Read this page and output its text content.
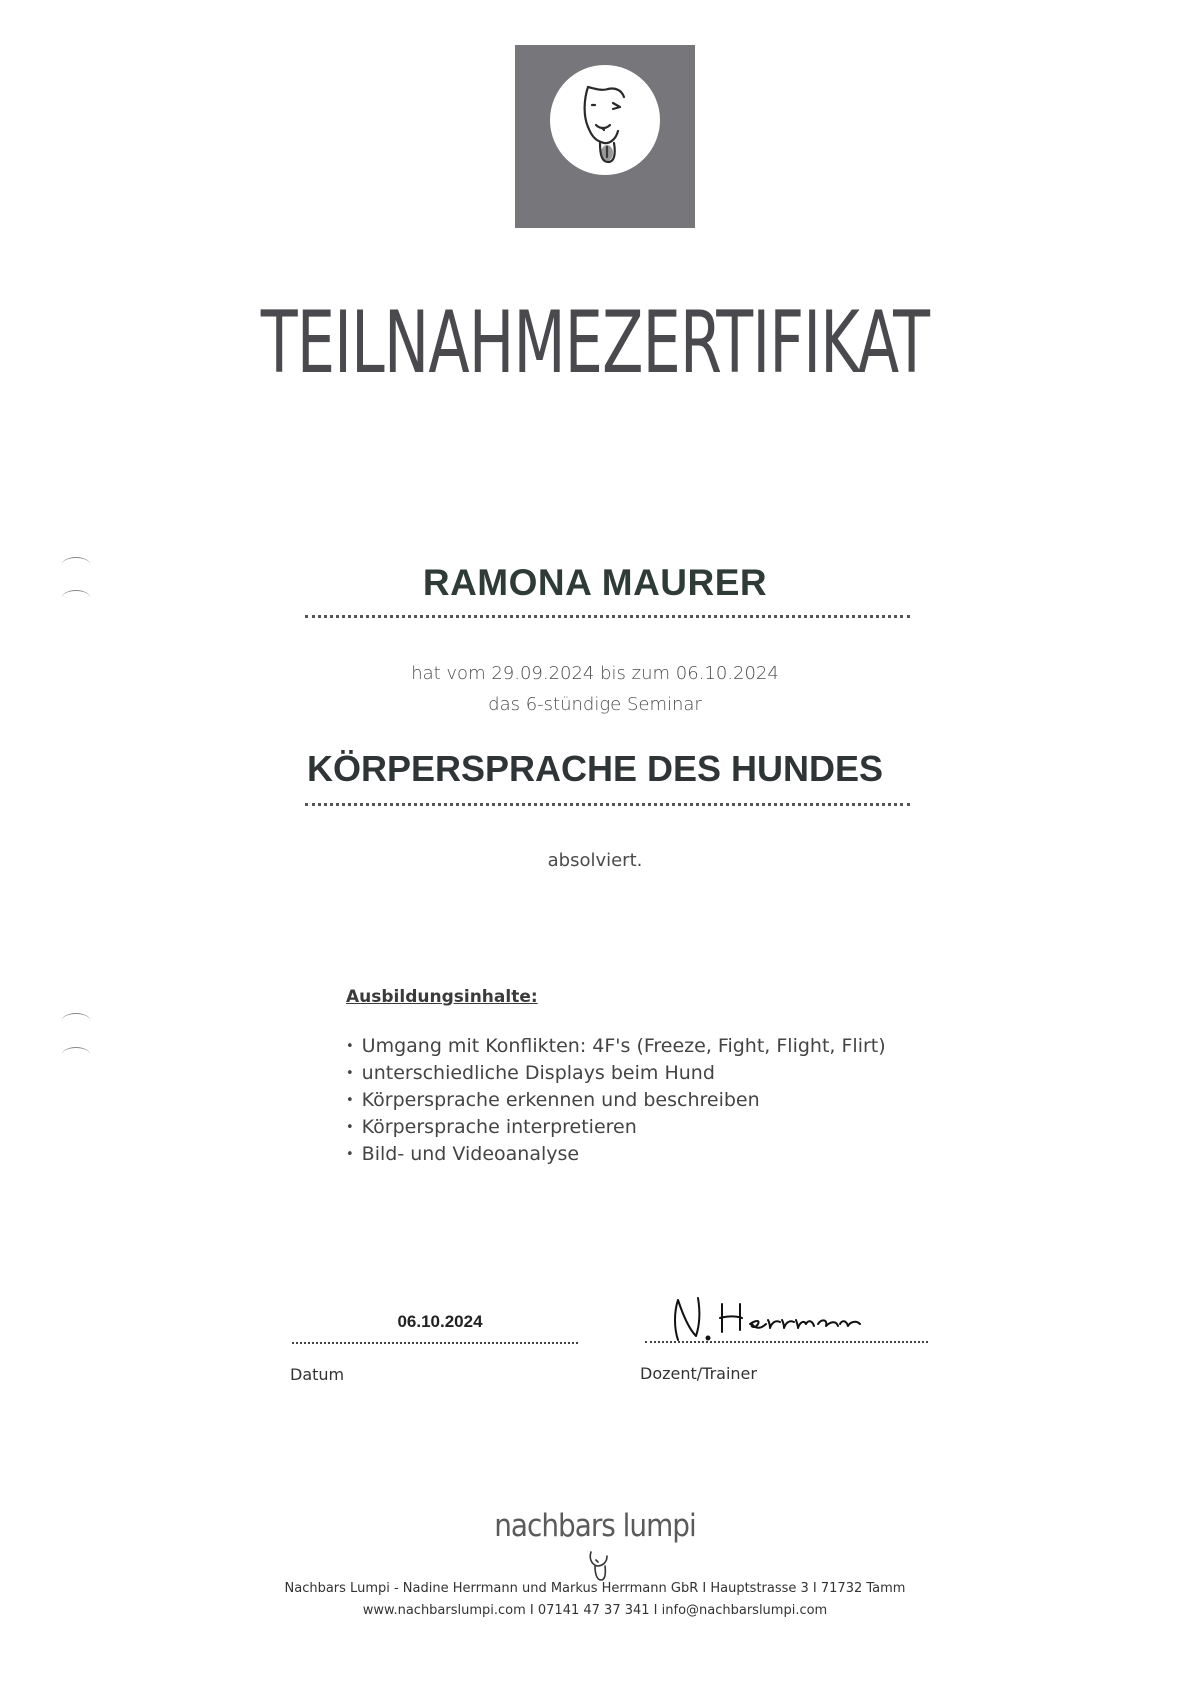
TEILNAHMEZERTIFIKAT
RAMONA MAURER
hat vom 29.09.2024 bis zum 06.10.2024
das 6-stündige Seminar
KÖRPERSPRACHE DES HUNDES
absolviert.
Ausbildungsinhalte:
• Umgang mit Konflikten: 4F's (Freeze, Fight, Flight, Flirt)
• unterschiedliche Displays beim Hund
• Körpersprache erkennen und beschreiben
• Körpersprache interpretieren
• Bild- und Videoanalyse
06.10.2024
Datum	Dozent/Trainer
nachbars lumpi
Nachbars Lumpi - Nadine Herrmann und Markus Herrmann GbR I Hauptstrasse 3 I 71732 Tamm
www.nachbarslumpi.com I 07141 47 37 341 I info@nachbarslumpi.com
